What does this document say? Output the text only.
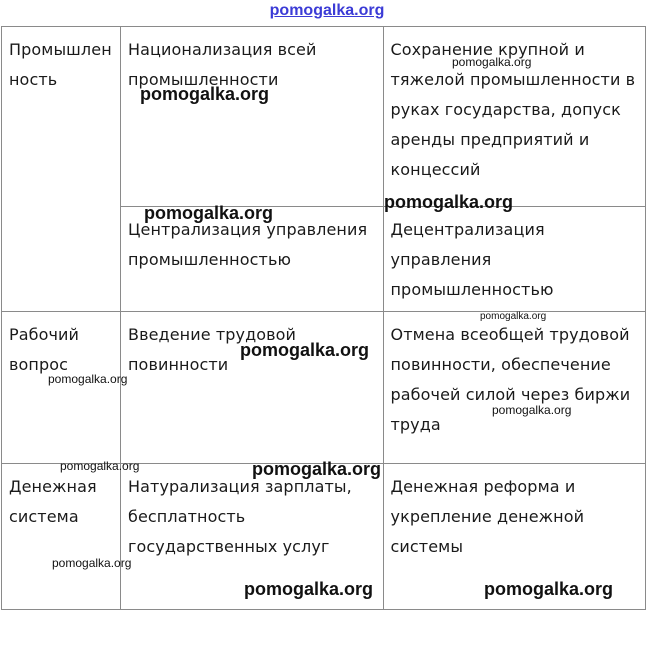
pomogalka.org
Промышлен ность	Национализация всей промышленности	Сохранение крупной и тяжелой промышленности в руках государства, допуск аренды предприятий и концессий
	Централизация управления промышленностью	Децентрализация управления промышленностью
Рабочий вопрос	Введение трудовой повинности	Отмена всеобщей трудовой повинности, обеспечение рабочей силой через биржи труда
Денежная система	Натурализация зарплаты, бесплатность государственных услуг	Денежная реформа и укрепление денежной системы
pomogalka.org
pomogalka.org
pomogalka.org
pomogalka.org
pomogalka.org
pomogalka.org
pomogalka.org
pomogalka.org
pomogalka.org	pomogalka.org
pomogalka.org
pomogalka.org	pomogalka.org
